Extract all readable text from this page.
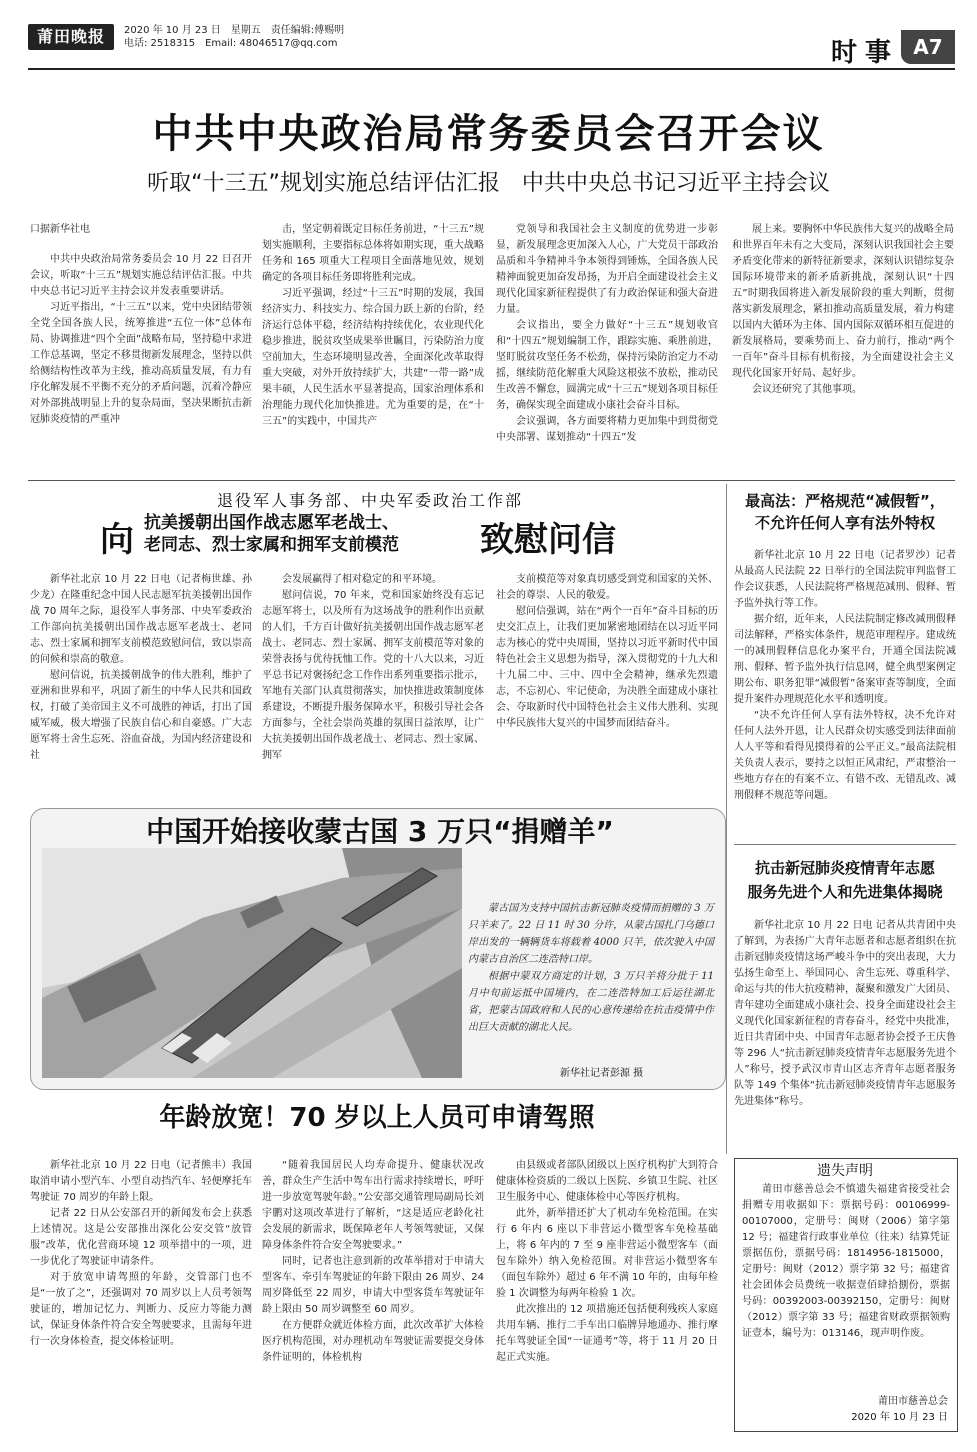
莆田晚报	2020 年 10 月 23 日　星期五　责任编辑:傅赐明
电话: 2518315　Email: 48046517@qq.com	时事 A7
中共中央政治局常务委员会召开会议
听取“十三五”规划实施总结评估汇报　中共中央总书记习近平主持会议

口据新华社电

中共中央政治局常务委员会 10 月 22 日召开会议，听取“十三五”规划实施总结评估汇报。中共中央总书记习近平主持会议并发表重要讲话。

习近平指出，“十三五”以来，党中央团结带领全党全国各族人民，统筹推进“五位一体”总体布局、协调推进“四个全面”战略布局，坚持稳中求进工作总基调，坚定不移贯彻新发展理念，坚持以供给侧结构性改革为主线，推动高质量发展，有力有序化解发展不平衡不充分的矛盾问题，沉着冷静应对外部挑战明显上升的复杂局面，坚决果断抗击新冠肺炎疫情的严重冲

击，坚定朝着既定目标任务前进，“十三五”规划实施顺利，主要指标总体将如期实现，重大战略任务和 165 项重大工程项目全面落地见效，规划确定的各项目标任务即将胜利完成。

习近平强调，经过“十三五”时期的发展，我国经济实力、科技实力、综合国力跃上新的台阶，经济运行总体平稳，经济结构持续优化，农业现代化稳步推进，脱贫攻坚成果举世瞩目，污染防治力度空前加大，生态环境明显改善，全面深化改革取得重大突破，对外开放持续扩大，共建“一带一路”成果丰硕，人民生活水平显著提高，国家治理体系和治理能力现代化加快推进。尤为重要的是，在“十三五”的实践中，中国共产

党领导和我国社会主义制度的优势进一步彰显，新发展理念更加深入人心，广大党员干部政治品质和斗争精神斗争本领得到锤炼，全国各族人民精神面貌更加奋发昂扬，为开启全面建设社会主义现代化国家新征程提供了有力政治保证和强大奋进力量。

会议指出，要全力做好“十三五”规划收官和“十四五”规划编制工作，跟踪实施、乘胜前进，坚盯脱贫攻坚任务不松劲，保持污染防治定力不动摇，继续防范化解重大风险这根弦不放松，推动民生改善不懈怠，圆满完成“十三五”规划各项目标任务，确保实现全面建成小康社会奋斗目标。

会议强调，各方面要将精力更加集中到贯彻党中央部署、谋划推动“十四五”发

展上来。要胸怀中华民族伟大复兴的战略全局和世界百年未有之大变局，深刻认识我国社会主要矛盾变化带来的新特征新要求，深刻认识错综复杂国际环境带来的新矛盾新挑战，深刻认识“十四五”时期我国将进入新发展阶段的重大判断，贯彻落实新发展理念，紧扣推动高质量发展，着力构建以国内大循环为主体、国内国际双循环相互促进的新发展格局，要乘势而上、奋力前行，推动“两个一百年”奋斗目标有机衔接，为全面建设社会主义现代化国家开好局、起好步。

会议还研究了其他事项。

退役军人事务部、中央军委政治工作部
向 抗美援朝出国作战志愿军老战士、
老同志、烈士家属和拥军支前模范 致慰问信

新华社北京 10 月 22 日电（记者梅世雄、孙少龙）在隆重纪念中国人民志愿军抗美援朝出国作战 70 周年之际，退役军人事务部、中央军委政治工作部向抗美援朝出国作战志愿军老战士、老同志、烈士家属和拥军支前模范致慰问信，致以崇高的问候和崇高的敬意。

慰问信说，抗美援朝战争的伟大胜利，维护了亚洲和世界和平，巩固了新生的中华人民共和国政权，打破了美帝国主义不可战胜的神话，打出了国威军威，极大增强了民族自信心和自豪感。广大志愿军将士舍生忘死、浴血奋战，为国内经济建设和社

会发展赢得了相对稳定的和平环境。

慰问信说，70 年来，党和国家始终没有忘记志愿军将士，以及所有为这场战争的胜利作出贡献的人们，千方百计做好抗美援朝出国作战志愿军老战士、老同志、烈士家属、拥军支前模范等对象的荣誉表扬与优待抚恤工作。党的十八大以来，习近平总书记对褒扬纪念工作作出系列重要指示批示，军地有关部门认真贯彻落实，加快推进政策制度体系建设，不断提升服务保障水平，积极引导社会各方面参与，全社会崇尚英雄的氛围日益浓厚，让广大抗美援朝出国作战老战士、老同志、烈士家属、拥军

支前模范等对象真切感受到党和国家的关怀、社会的尊崇、人民的敬爱。

慰问信强调，站在“两个一百年”奋斗目标的历史交汇点上，让我们更加紧密地团结在以习近平同志为核心的党中央周围，坚持以习近平新时代中国特色社会主义思想为指导，深入贯彻党的十九大和十九届二中、三中、四中全会精神，继承先烈遗志，不忘初心、牢记使命，为决胜全面建成小康社会、夺取新时代中国特色社会主义伟大胜利、实现中华民族伟大复兴的中国梦而团结奋斗。

最高法：严格规范“减假暂”，
不允许任何人享有法外特权

新华社北京 10 月 22 日电（记者罗沙）记者从最高人民法院 22 日举行的全国法院审判监督工作会议获悉，人民法院将严格规范减刑、假释、暂予监外执行等工作。

据介绍，近年来，人民法院制定修改减刑假释司法解释，严格实体条件，规范审理程序。建成统一的减刑假释信息化办案平台，开通全国法院减刑、假释、暂予监外执行信息网，健全典型案例定期公布、职务犯罪“减假暂”备案审查等制度，全面提升案件办理规范化水平和透明度。

“决不允许任何人享有法外特权，决不允许对任何人法外开恩，让人民群众切实感受到法律面前人人平等和看得见摸得着的公平正义。”最高法院相关负责人表示，要持之以恒正风肃纪，严肃整治一些地方存在的有案不立、有错不改、无错乱改、减刑假释不规范等问题。

抗击新冠肺炎疫情青年志愿
服务先进个人和先进集体揭晓

新华社北京 10 月 22 日电 记者从共青团中央了解到，为表扬广大青年志愿者和志愿者组织在抗击新冠肺炎疫情这场严峻斗争中的突出表现，大力弘扬生命至上、举国同心、舍生忘死、尊重科学、命运与共的伟大抗疫精神，凝聚和激发广大团员、青年建功全面建成小康社会、投身全面建设社会主义现代化国家新征程的青春奋斗，经党中央批准，近日共青团中央、中国青年志愿者协会授予王庆鲁等 296 人“抗击新冠肺炎疫情青年志愿服务先进个人”称号，授予武汉市青山区志齐青年志愿者服务队等 149 个集体“抗击新冠肺炎疫情青年志愿服务先进集体”称号。

中国开始接收蒙古国 3 万只“捐赠羊”

蒙古国为支持中国抗击新冠肺炎疫情而捐赠的 3 万只羊来了。22 日 11 时 30 分许，从蒙古国扎门乌德口岸出发的一辆辆货车将载着 4000 只羊，依次驶入中国内蒙古自治区二连浩特口岸。

根据中蒙双方商定的计划，3 万只羊将分批于 11 月中旬前运抵中国境内，在二连浩特加工后运往湖北省，把蒙古国政府和人民的心意传递给在抗击疫情中作出巨大贡献的湖北人民。

新华社记者彭源 摄
年龄放宽！70 岁以上人员可申请驾照

新华社北京 10 月 22 日电（记者熊丰）我国取消申请小型汽车、小型自动挡汽车、轻便摩托车驾驶证 70 周岁的年龄上限。

记者 22 日从公安部召开的新闻发布会上获悉上述情况。这是公安部推出深化公安交管“放管服”改革，优化营商环境 12 项举措中的一项，进一步优化了驾驶证申请条件。

对于放宽申请驾照的年龄，交管部门也不是“一放了之”，还强调对 70 周岁以上人员考领驾驶证的，增加记忆力、判断力、反应力等能力测试，保证身体条件符合安全驾驶要求，且需每年进行一次身体检查，提交体检证明。

“随着我国居民人均寿命提升、健康状况改善，群众生产生活中驾车出行需求持续增长，呼吁进一步放宽驾驶年龄。”公安部交通管理局副局长刘宇鹏对这项改革进行了解析，“这是适应老龄化社会发展的新需求，既保障老年人考领驾驶证，又保障身体条件符合安全驾驶要求。”

同时，记者也注意到新的改革举措对于申请大型客车、牵引车驾驶证的年龄下限由 26 周岁、24 周岁降低至 22 周岁，申请大中型客货车驾驶证年龄上限由 50 周岁调整至 60 周岁。

在方便群众就近体检方面，此次改革扩大体检医疗机构范围，对办理机动车驾驶证需要提交身体条件证明的，体检机构

由县级或者部队团级以上医疗机构扩大到符合健康体检资质的二级以上医院、乡镇卫生院、社区卫生服务中心、健康体检中心等医疗机构。

此外，新举措还扩大了机动车免检范围。在实行 6 年内 6 座以下非营运小微型客车免检基础上，将 6 年内的 7 至 9 座非营运小微型客车（面包车除外）纳入免检范围。对非营运小微型客车（面包车除外）超过 6 年不满 10 年的，由每年检验 1 次调整为每两年检验 1 次。

此次推出的 12 项措施还包括便利残疾人家庭共用车辆、推行二手车出口临牌异地通办、推行摩托车驾驶证全国“一证通考”等，将于 11 月 20 日起正式实施。

遗失声明

莆田市慈善总会不慎遗失福建省接受社会捐赠专用收据如下：票据号码：00106999-00107000，定册号：闽财（2006）第字第 12 号；福建省行政事业单位（往来）结算凭证票据伍份，票据号码：1814956-1815000，定册号：闽财（2012）票字第 32 号；福建省社会团体会员费统一收据壹佰肆拾捌份，票据号码：00392003-00392150，定册号：闽财（2012）票字第 33 号；福建省财政票据领购证壹本，编号为：013146，现声明作废。

莆田市慈善总会
2020 年 10 月 23 日
